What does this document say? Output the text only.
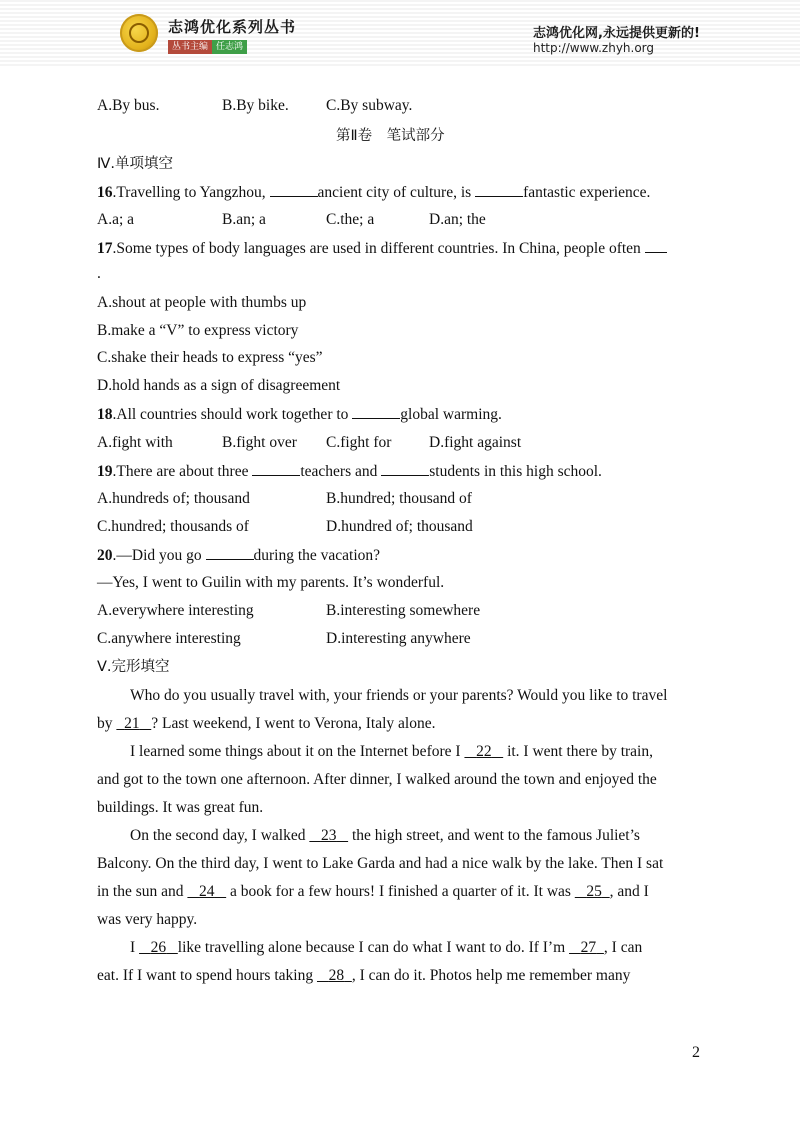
志鸿优化系列丛书
丛书主编 任志鸿
志鸿优化网,永远提供更新的!
http://www.zhyh.org
A.By bus.	B.By bike. C.By subway.
第Ⅱ卷　笔试部分
Ⅳ.单项填空
16.Travelling to Yangzhou,	ancient city of culture, is	fantastic experience.
A.a; a	B.an; a	C.the; a	D.an; the
17.Some types of body languages are used in different countries. In China, people often
.
A.shout at people with thumbs up
B.make a “V” to express victory
C.shake their heads to express “yes”
D.hold hands as a sign of disagreement
18.All countries should work together to	global warming.
A.fight with	B.fight over C.fight for D.fight against
19.There are about three	teachers and	students in this high school.
A.hundreds of; thousand	B.hundred; thousand of
C.hundred; thousands of	D.hundred of; thousand
20.—Did you go	during the vacation?
—Yes, I went to Guilin with my parents. It’s wonderful.
A.everywhere interesting	B.interesting somewhere
C.anywhere interesting	D.interesting anywhere
Ⅴ.完形填空
Who do you usually travel with, your friends or your parents? Would you like to travel
by   21 ? Last weekend, I went to Verona, Italy alone.
I learned some things about it on the Internet before I    22    it. I went there by train,
and got to the town one afternoon. After dinner, I walked around the town and enjoyed the
buildings. It was great fun.
On the second day, I walked    23    the high street, and went to the famous Juliet’s
Balcony. On the third day, I went to Lake Garda and had a nice walk by the lake. Then I sat
in the sun and    24    a book for a few hours! I finished a quarter of it. It was    25 , and I
was very happy.
I    26 like travelling alone because I can do what I want to do. If I’m    27 , I can
eat. If I want to spend hours taking    28 , I can do it. Photos help me remember many
2
